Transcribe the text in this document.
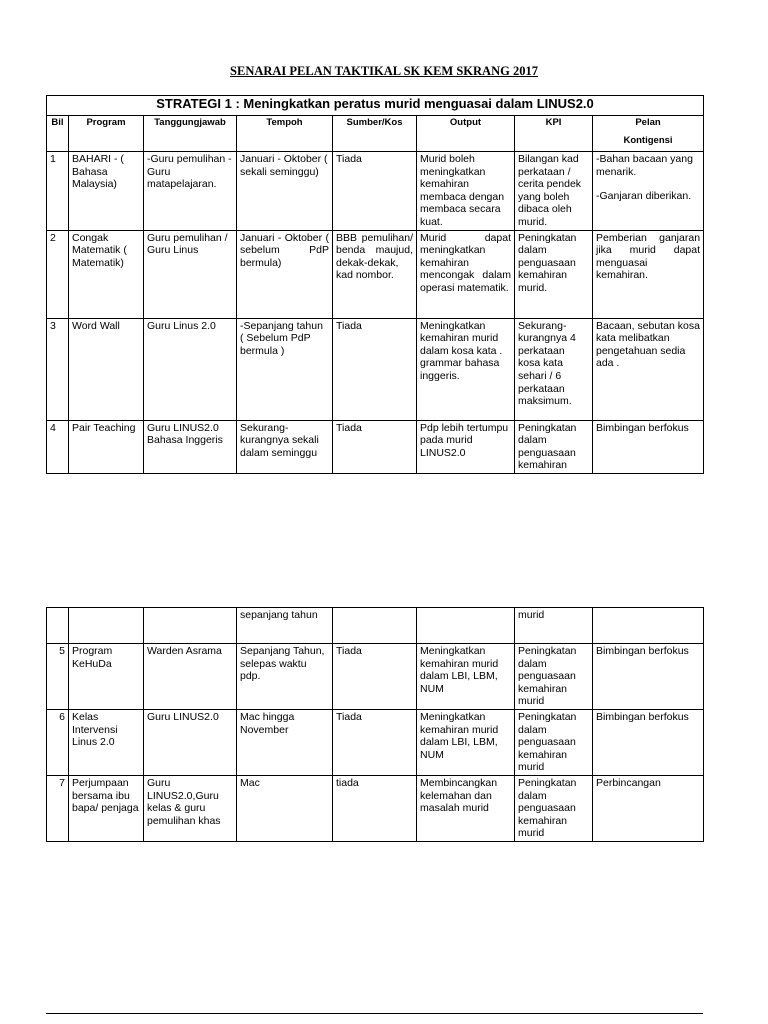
SENARAI PELAN TAKTIKAL SK KEM SKRANG 2017
STRATEGI 1 : Meningkatkan peratus murid menguasai dalam LINUS2.0							
Bil	Program	Tanggungjawab	Tempoh	Sumber/Kos	Output	KPI	Pelan
Kontigensi

1	BAHARI - ( Bahasa Malaysia)	-Guru pemulihan - Guru matapelajaran.	Januari - Oktober ( sekali seminggu)	Tiada	Murid boleh meningkatkan kemahiran membaca dengan membaca secara kuat.	Bilangan kad perkataan / cerita pendek yang boleh dibaca oleh murid.	-Bahan bacaan yang menarik.
-Ganjaran diberikan.

2	Congak Matematik ( Matematik)	Guru pemulihan / Guru Linus	Januari - Oktober ( sebelum PdP bermula)	BBB pemulihan/ benda maujud, dekak-dekak, kad nombor.	Murid dapat meningkatkan kemahiran mencongak dalam operasi matematik.	Peningkatan dalam penguasaan kemahiran murid.	Pemberian ganjaran jika murid dapat menguasai kemahiran.
3	Word Wall	Guru Linus 2.0	-Sepanjang tahun ( Sebelum PdP bermula )	Tiada	Meningkatkan kemahiran murid dalam kosa kata . grammar bahasa inggeris.	Sekurang-kurangnya 4 perkataan kosa kata sehari / 6 perkataan maksimum.	Bacaan, sebutan kosa kata melibatkan pengetahuan sedia ada .
4	Pair Teaching	Guru LINUS2.0 Bahasa Inggeris	Sekurang-kurangnya sekali dalam seminggu	Tiada	Pdp lebih tertumpu pada murid LINUS2.0	Peningkatan dalam penguasaan kemahiran	Bimbingan berfokus
			sepanjang tahun			murid	
5	Program KeHuDa	Warden Asrama	Sepanjang Tahun, selepas waktu pdp.	Tiada	Meningkatkan kemahiran murid dalam LBI, LBM, NUM	Peningkatan dalam penguasaan kemahiran murid	Bimbingan berfokus
6	Kelas Intervensi Linus 2.0	Guru LINUS2.0	Mac hingga November	Tiada	Meningkatkan kemahiran murid dalam LBI, LBM, NUM	Peningkatan dalam penguasaan kemahiran murid	Bimbingan berfokus
7	Perjumpaan bersama ibu bapa/ penjaga	Guru LINUS2.0,Guru kelas & guru pemulihan khas	Mac	tiada	Membincangkan kelemahan dan masalah murid	Peningkatan dalam penguasaan kemahiran murid	Perbincangan
